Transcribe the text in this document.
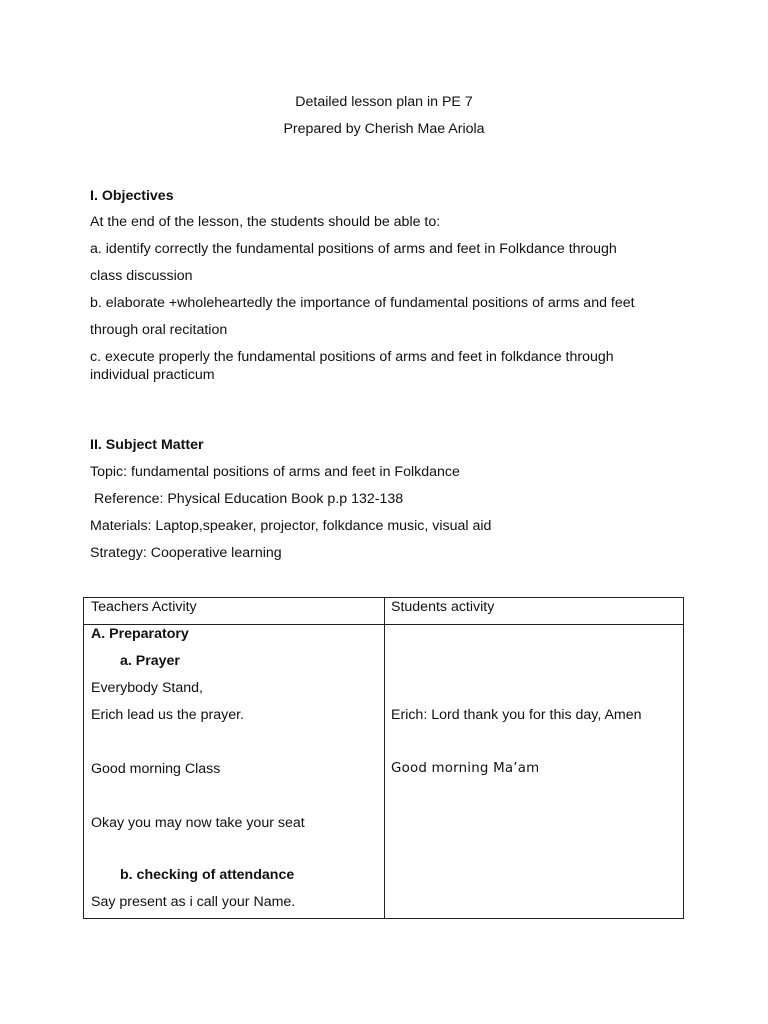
Detailed lesson plan in PE 7
Prepared by Cherish Mae Ariola
I. Objectives
At the end of the lesson, the students should be able to:
a. identify correctly the fundamental positions of arms and feet in Folkdance through
class discussion
b. elaborate +wholeheartedly the importance of fundamental positions of arms and feet
through oral recitation
c. execute properly the fundamental positions of arms and feet in folkdance through
individual practicum
II. Subject Matter
Topic: fundamental positions of arms and feet in Folkdance
Reference: Physical Education Book p.p 132-138
Materials: Laptop,speaker, projector, folkdance music, visual aid
Strategy: Cooperative learning
Teachers Activity	Students activity
A. Preparatory
a. Prayer
Everybody Stand,
Erich lead us the prayer.
Good morning Class
Okay you may now take your seat
b. checking of attendance
Say present as i call your Name.
Erich: Lord thank you for this day, Amen
Good morning Ma’am
